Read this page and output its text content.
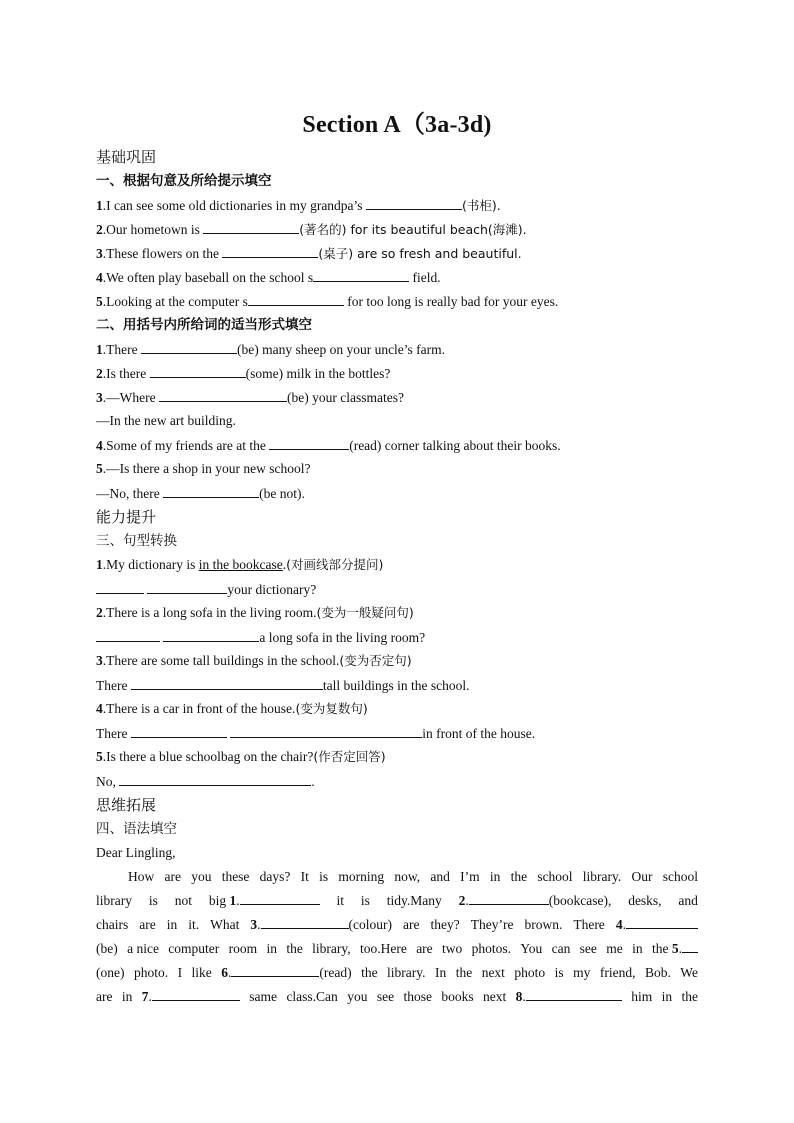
Section A（3a-3d)
基础巩固
一、根据句意及所给提示填空
1.I can see some old dictionaries in my grandpa’s	(书柜).
2.Our hometown is	(著名的) for its beautiful beach(海滩).
3.These flowers on the	(桌子) are so fresh and beautiful.
4.We often play baseball on the school s	field.
5.Looking at the computer s	for too long is really bad for your eyes.
二、用括号内所给词的适当形式填空
1.There	(be) many sheep on your uncle’s farm.
2.Is there	(some) milk in the bottles?
3.—Where	(be) your classmates?
—In the new art building.
4.Some of my friends are at the	(read) corner talking about their books.
5.—Is there a shop in your new school?
—No, there	(be not).
能力提升
三、句型转换
1.My dictionary is in the bookcase.(对画线部分提问)
your dictionary?
2.There is a long sofa in the living room.(变为一般疑问句)
a long sofa in the living room?
3.There are some tall buildings in the school.(变为否定句)
There	tall buildings in the school.
4.There is a car in front of the house.(变为复数句)
There	in front of the house.
5.Is there a blue schoolbag on the chair?(作否定回答)
No,	.
思维拓展
四、语法填空
Dear Lingling,
How are you these days? It is morning now, and I’m in the school library. Our school
library is not big 1.	it is tidy.Many 2.	(bookcase), desks, and
chairs are in it. What 3.	(colour) are they? They’re brown. There 4.
(be) a nice computer room in the library, too.Here are two photos. You can see me in the 5.
(one) photo. I like 6.	(read) the library. In the next photo is my friend, Bob. We
are in 7.	same class.Can you see those books next 8.	him in the
